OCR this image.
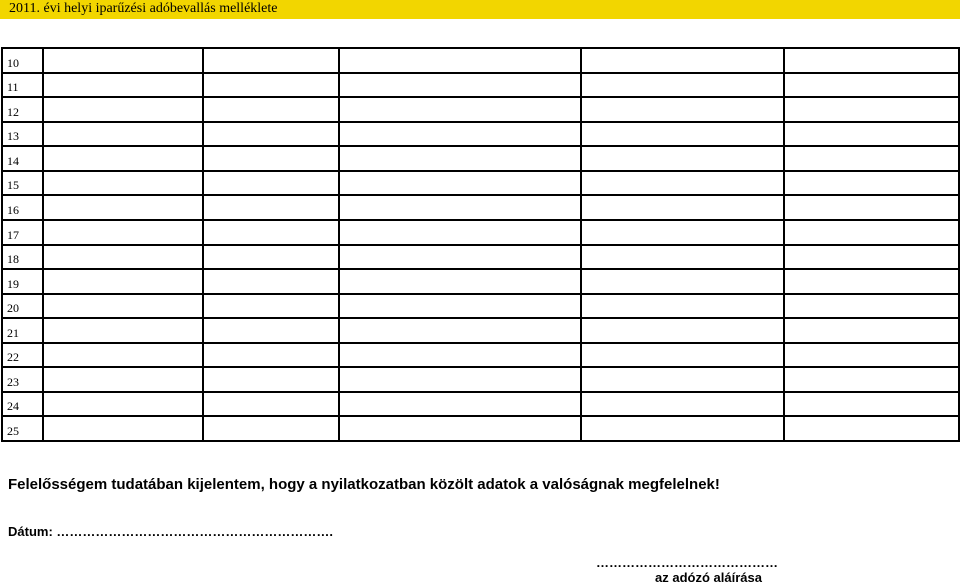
2011. évi helyi iparűzési adóbevallás melléklete
10					
11					
12					
13					
14					
15					
16					
17					
18					
19					
20					
21					
22					
23					
24					
25					
Felelősségem tudatában kijelentem, hogy a nyilatkozatban közölt adatok a valóságnak megfelelnek!
Dátum: ……………………………………………………….
……………………………………
az adózó aláírása
